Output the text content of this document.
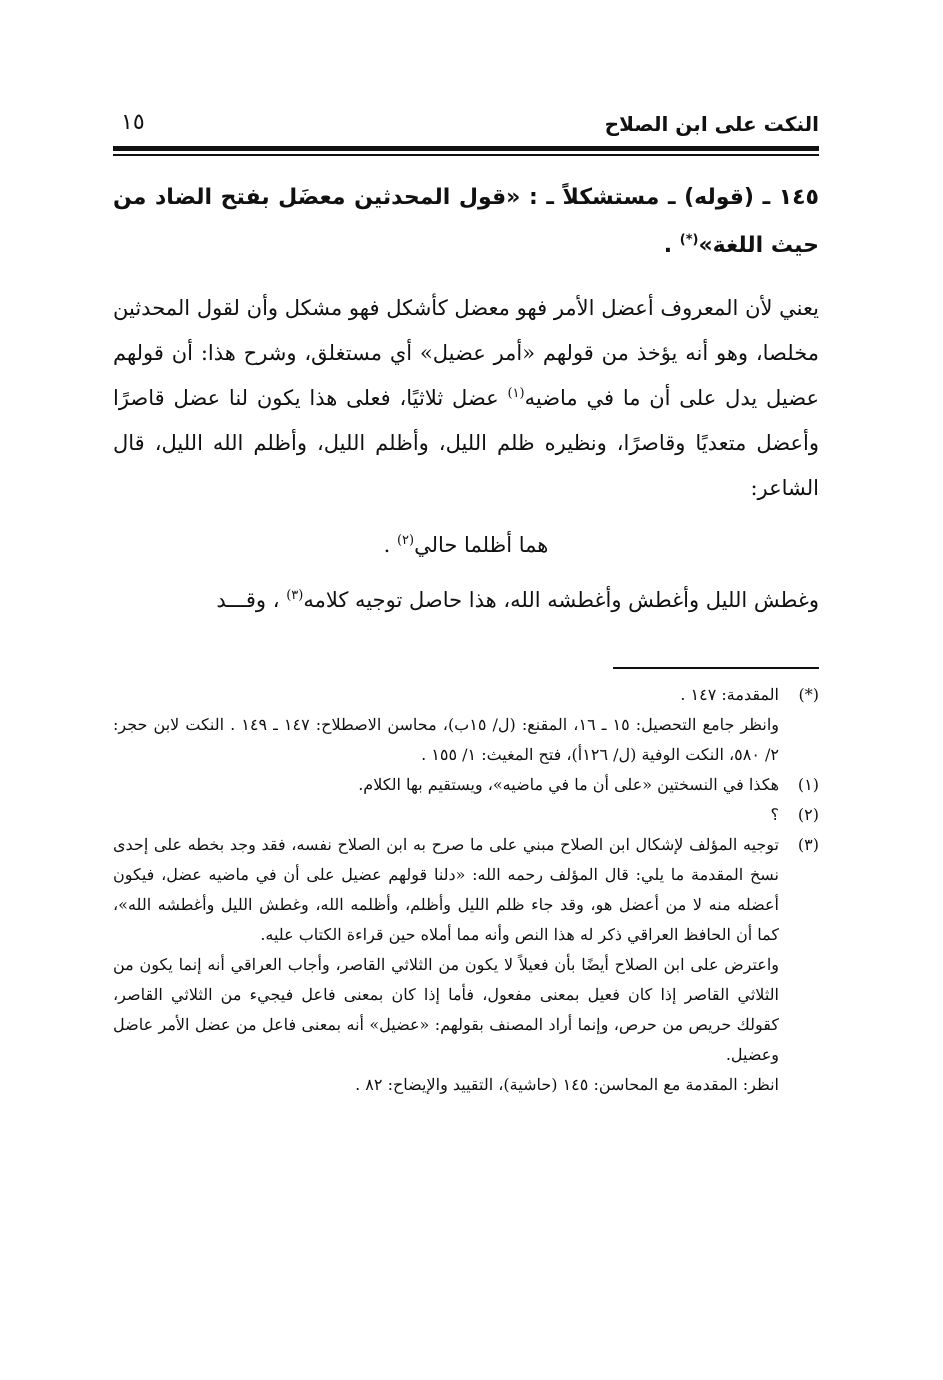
النكت على ابن الصلاح
١٥

١٤٥ ـ (قوله) ـ مستشكلاً ـ : «قول المحدثين معضَل بفتح الضاد من حيث اللغة»(*) .

يعني لأن المعروف أعضل الأمر فهو معضل كأشكل فهو مشكل وأن لقول المحدثين مخلصا، وهو أنه يؤخذ من قولهم «أمر عضيل» أي مستغلق، وشرح هذا: أن قولهم عضيل يدل على أن ما في ماضيه$^{(١)}$ عضل ثلاثيًا، فعلى هذا يكون لنا عضل قاصرًا وأعضل متعديًا وقاصرًا، ونظيره ظلم الليل، وأظلم الليل، وأظلم الله الليل، قال الشاعر:

هما أظلما حالي$^{(٢)}$ .

وغطش الليل وأغطش وأغطشه الله، هذا حاصل توجيه كلامه$^{(٣)}$ ، وقـــد

(*)

المقدمة: ١٤٧ .

وانظر جامع التحصيل: ١٥ ـ ١٦، المقنع: (ل/ ١٥ب)، محاسن الاصطلاح: ١٤٧ ـ ١٤٩ . النكت لابن حجر: ٢/ ٥٨٠، النكت الوفية (ل/ ١٢٦أ)، فتح المغيث: ١/ ١٥٥ .

(١)

هكذا في النسختين «على أن ما في ماضيه»، ويستقيم بها الكلام.

(٢)

؟

(٣)

توجيه المؤلف لإشكال ابن الصلاح مبني على ما صرح به ابن الصلاح نفسه، فقد وجد بخطه على إحدى نسخ المقدمة ما يلي: قال المؤلف رحمه الله: «دلنا قولهم عضيل على أن في ماضيه عضل، فيكون أعضله منه لا من أعضل هو، وقد جاء ظلم الليل وأظلم، وأظلمه الله، وغطش الليل وأغطشه الله»، كما أن الحافظ العراقي ذكر له هذا النص وأنه مما أملاه حين قراءة الكتاب عليه.

واعترض على ابن الصلاح أيضًا بأن فعيلاً لا يكون من الثلاثي القاصر، وأجاب العراقي أنه إنما يكون من الثلاثي القاصر إذا كان فعيل بمعنى مفعول، فأما إذا كان بمعنى فاعل فيجيء من الثلاثي القاصر، كقولك حريص من حرص، وإنما أراد المصنف بقولهم: «عضيل» أنه بمعنى فاعل من عضل الأمر عاضل وعضيل.

انظر: المقدمة مع المحاسن: ١٤٥ (حاشية)، التقييد والإيضاح: ٨٢ .
